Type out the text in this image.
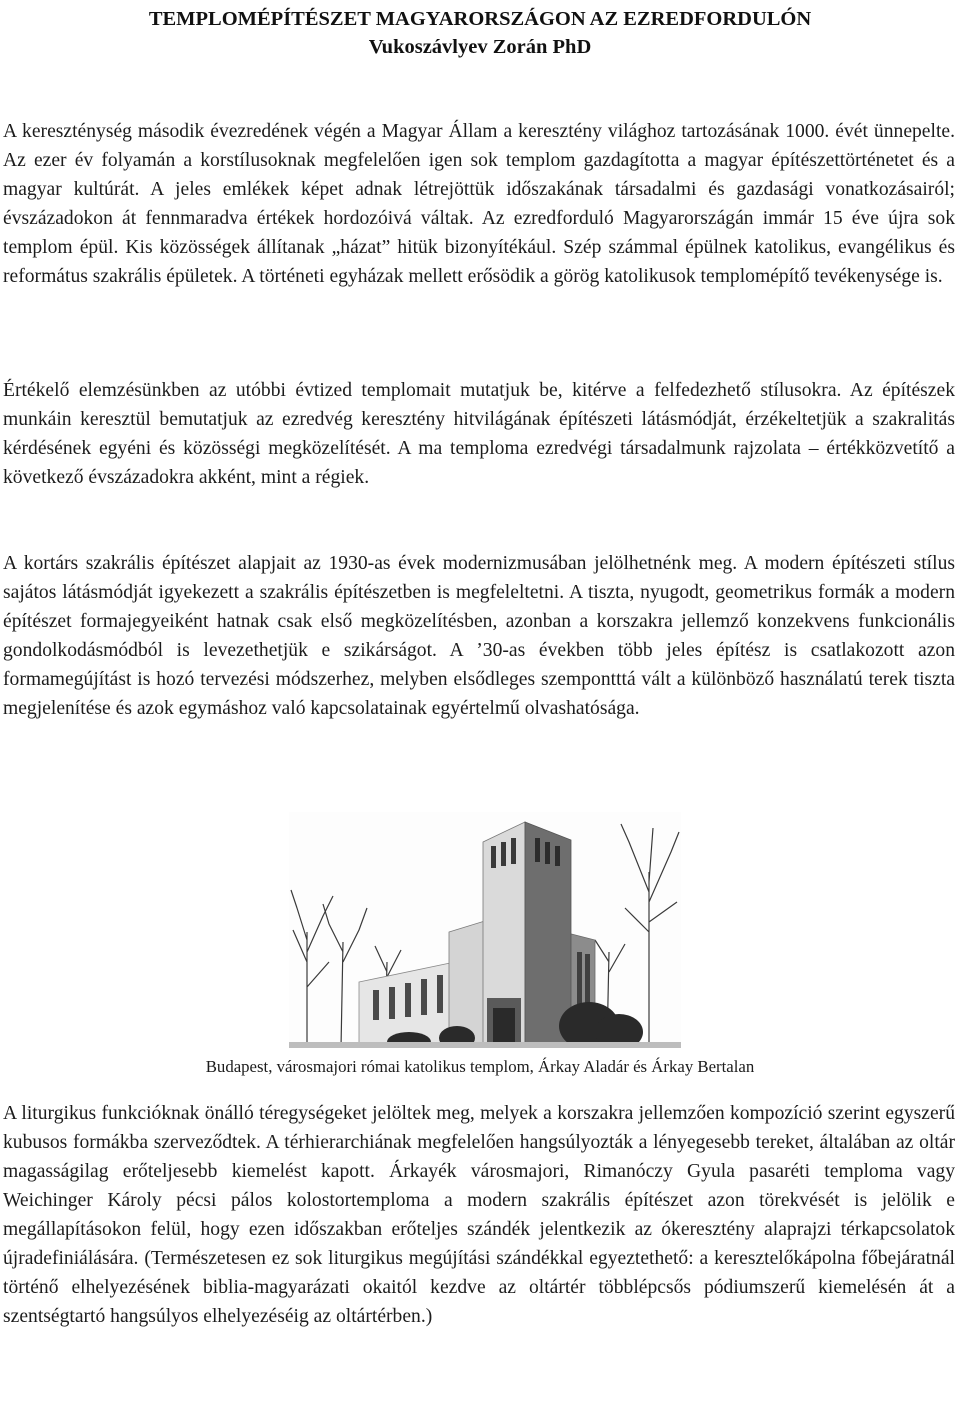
TEMPLOMÉPÍTÉSZET MAGYARORSZÁGON AZ EZREDFORDULÓN
Vukoszávlyev Zorán PhD

A kereszténység második évezredének végén a Magyar Állam a keresztény világhoz tartozásának 1000. évét ünnepelte. Az ezer év folyamán a korstílusoknak megfelelően igen sok templom gazdagította a magyar építészettörténetet és a magyar kultúrát. A jeles emlékek képet adnak létrejöttük időszakának társadalmi és gazdasági vonatkozásairól; évszázadokon át fennmaradva értékek hordozóivá váltak. Az ezredforduló Magyarországán immár 15 éve újra sok templom épül. Kis közösségek állítanak „házat” hitük bizonyítékául. Szép számmal épülnek katolikus, evangélikus és református szakrális épületek. A történeti egyházak mellett erősödik a görög katolikusok templomépítő tevékenysége is.

Értékelő elemzésünkben az utóbbi évtized templomait mutatjuk be, kitérve a felfedezhető stílusokra. Az építészek munkáin keresztül bemutatjuk az ezredvég keresztény hitvilágának építészeti látásmódját, érzékeltetjük a szakralitás kérdésének egyéni és közösségi megközelítését. A ma temploma ezredvégi társadalmunk rajzolata – értékközvetítő a következő évszázadokra akként, mint a régiek.

A kortárs szakrális építészet alapjait az 1930-as évek modernizmusában jelölhetnénk meg. A modern építészeti stílus sajátos látásmódját igyekezett a szakrális építészetben is megfeleltetni. A tiszta, nyugodt, geometrikus formák a modern építészet formajegyeiként hatnak csak első megközelítésben, azonban a korszakra jellemző konzekvens funkcionális gondolkodásmódból is levezethetjük e szikárságot. A ’30-as években több jeles építész is csatlakozott azon formamegújítást is hozó tervezési módszerhez, melyben elsődleges szempontttá vált a különböző használatú terek tiszta megjelenítése és azok egymáshoz való kapcsolatainak egyértelmű olvashatósága.

Budapest, városmajori római katolikus templom, Árkay Aladár és Árkay Bertalan

A liturgikus funkcióknak önálló téregységeket jelöltek meg, melyek a korszakra jellemzően kompozíció szerint egyszerű kubusos formákba szerveződtek. A térhierarchiának megfelelően hangsúlyozták a lényegesebb tereket, általában az oltár magasságilag erőteljesebb kiemelést kapott. Árkayék városmajori, Rimanóczy Gyula pasaréti temploma vagy Weichinger Károly pécsi pálos kolostortemploma a modern szakrális építészet azon törekvését is jelölik e megállapításokon felül, hogy ezen időszakban erőteljes szándék jelentkezik az ókeresztény alaprajzi térkapcsolatok újradefiniálására. (Természetesen ez sok liturgikus megújítási szándékkal egyeztethető: a keresztelőkápolna főbejáratnál történő elhelyezésének biblia-magyarázati okaitól kezdve az oltártér többlépcsős pódiumszerű kiemelésén át a szentségtartó hangsúlyos elhelyezéséig az oltártérben.)
